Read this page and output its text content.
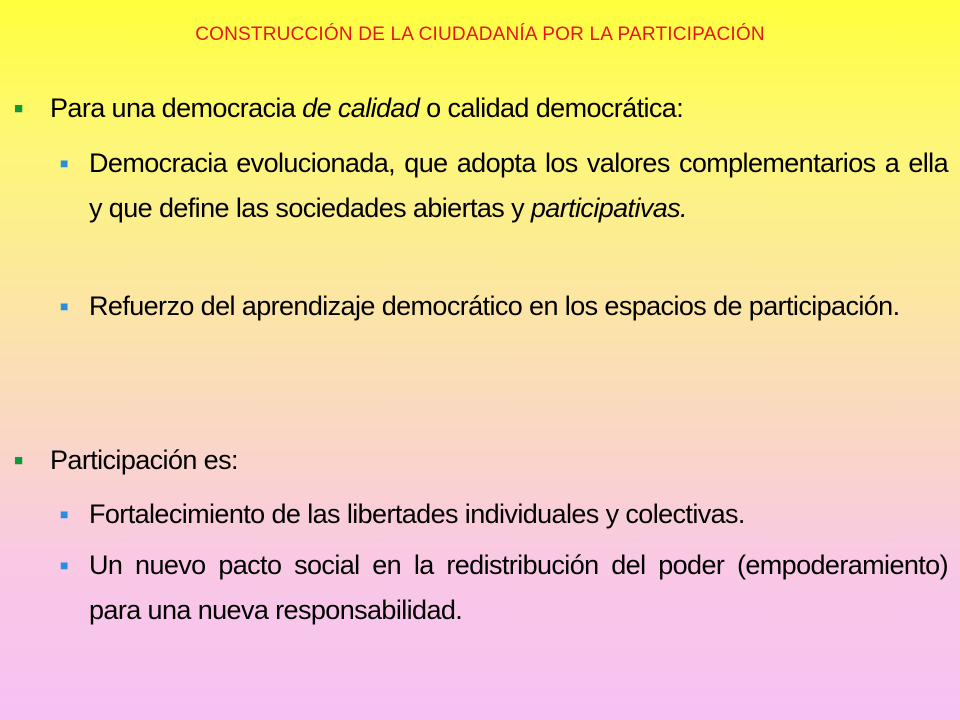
CONSTRUCCIÓN DE LA CIUDADANÍA POR LA PARTICIPACIÓN
■	Para una democracia de calidad o calidad democrática:
■ Democracia evolucionada, que adopta los valores complementarios a ella y que define las sociedades abiertas y participativas.
■ Refuerzo del aprendizaje democrático en los espacios de participación.
■	Participación es:
■ Fortalecimiento de las libertades individuales y colectivas.
■ Un nuevo pacto social en la redistribución del poder (empoderamiento) para una nueva responsabilidad.
